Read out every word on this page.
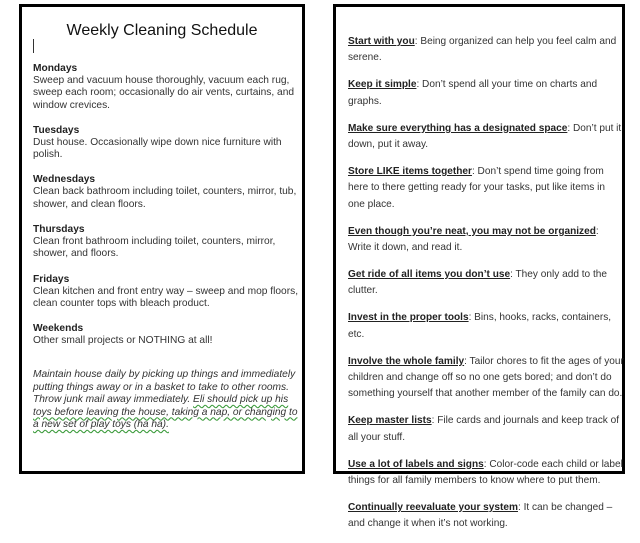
Weekly Cleaning Schedule
Mondays
Sweep and vacuum house thoroughly, vacuum each rug, sweep each room; occasionally do air vents, curtains, and window crevices.
Tuesdays
Dust house. Occasionally wipe down nice furniture with polish.
Wednesdays
Clean back bathroom including toilet, counters, mirror, tub, shower, and clean floors.
Thursdays
Clean front bathroom including toilet, counters, mirror, shower, and floors.
Fridays
Clean kitchen and front entry way – sweep and mop floors, clean counter tops with bleach product.
Weekends
Other small projects or NOTHING at all!
Maintain house daily by picking up things and immediately putting things away or in a basket to take to other rooms. Throw junk mail away immediately. Eli should pick up his toys before leaving the house, taking a nap, or changing to a new set of play toys (ha ha).
Start with you: Being organized can help you feel calm and serene.
Keep it simple: Don’t spend all your time on charts and graphs.
Make sure everything has a designated space: Don’t put it down, put it away.
Store LIKE items together: Don’t spend time going from here to there getting ready for your tasks, put like items in one place.
Even though you’re neat, you may not be organized: Write it down, and read it.
Get ride of all items you don’t use: They only add to the clutter.
Invest in the proper tools: Bins, hooks, racks, containers, etc.
Involve the whole family: Tailor chores to fit the ages of your children and change off so no one gets bored; and don’t do something yourself that another member of the family can do.
Keep master lists: File cards and journals and keep track of all your stuff.
Use a lot of labels and signs: Color-code each child or label things for all family members to know where to put them.
Continually reevaluate your system: It can be changed – and change it when it’s not working.
